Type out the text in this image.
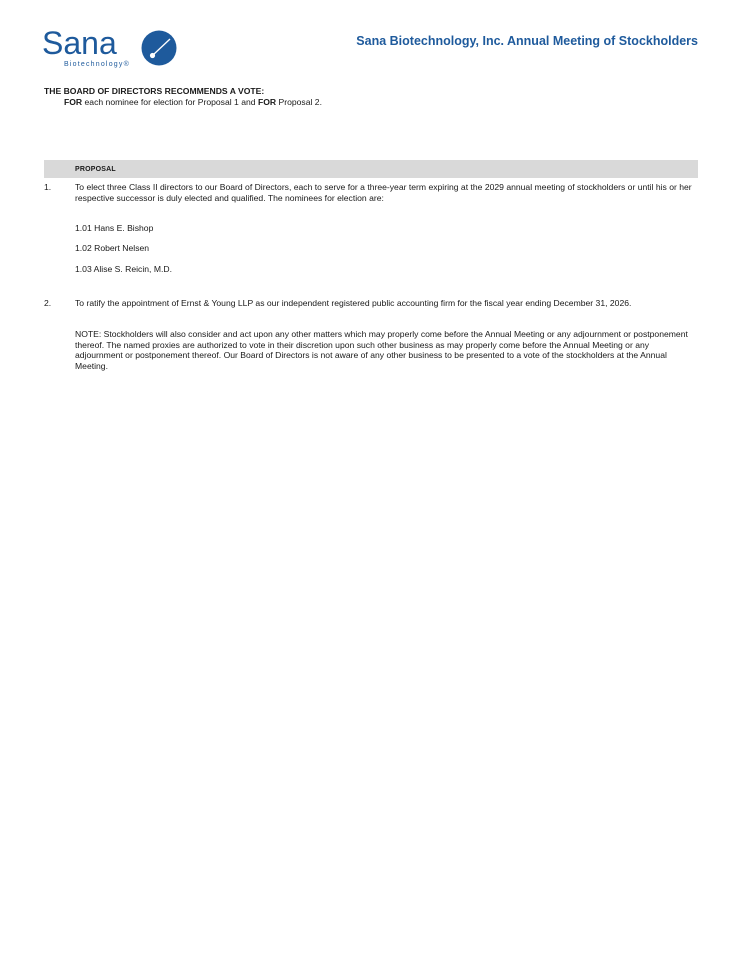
Sana
Biotechnology®
Sana Biotechnology, Inc. Annual Meeting of Stockholders
THE BOARD OF DIRECTORS RECOMMENDS A VOTE:
FOR each nominee for election for Proposal 1 and FOR Proposal 2.
PROPOSAL
1.	To elect three Class II directors to our Board of Directors, each to serve for a three-year term expiring at the 2029 annual meeting of stockholders or until his or her respective successor is duly elected and qualified. The nominees for election are:
1.01 Hans E. Bishop
1.02 Robert Nelsen
1.03 Alise S. Reicin, M.D.
2.	To ratify the appointment of Ernst & Young LLP as our independent registered public accounting firm for the fiscal year ending December 31, 2026.
NOTE: Stockholders will also consider and act upon any other matters which may properly come before the Annual Meeting or any adjournment or postponement thereof. The named proxies are authorized to vote in their discretion upon such other business as may properly come before the Annual Meeting or any adjournment or postponement thereof. Our Board of Directors is not aware of any other business to be presented to a vote of the stockholders at the Annual Meeting.
